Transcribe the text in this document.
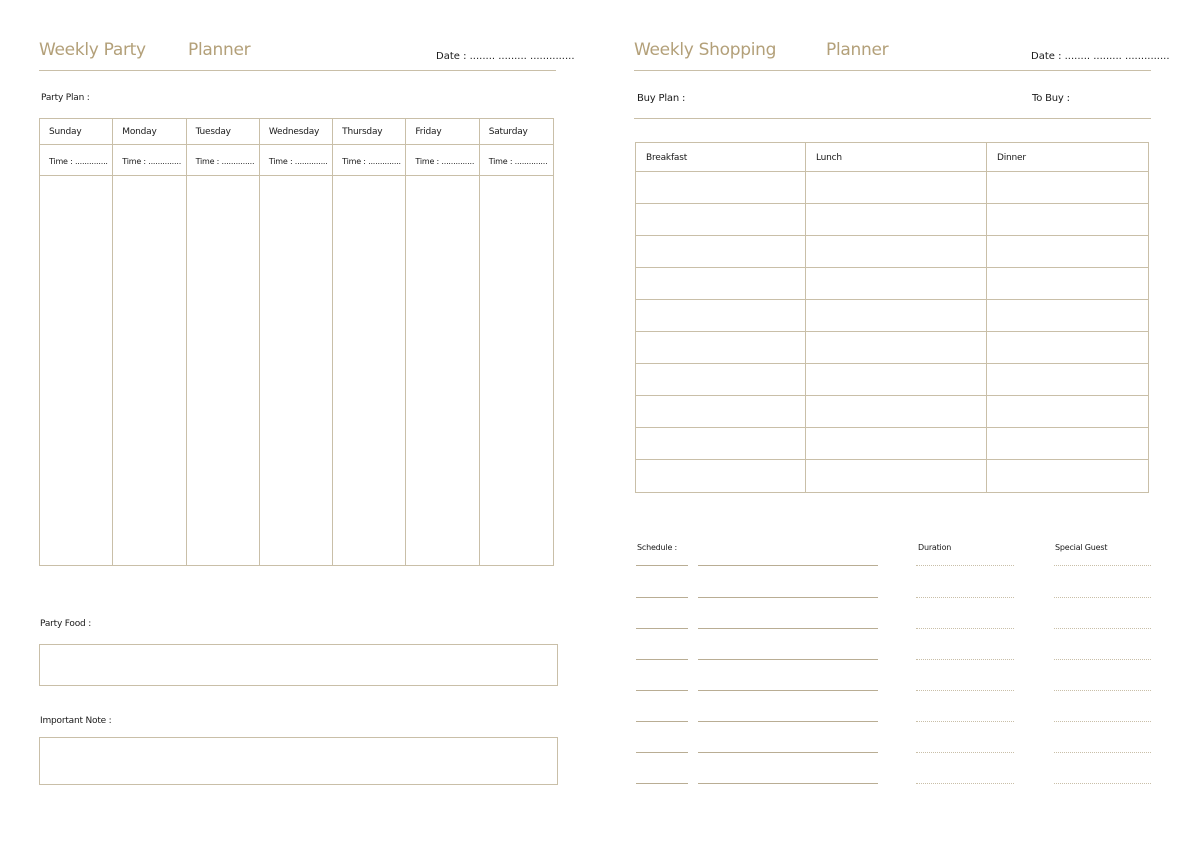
Weekly Party Planner	Date : ........ ......... ..............
Party Plan :
Sunday	Monday	Tuesday	Wednesday	Thursday	Friday	Saturday
Time : .............. Time : .............. Time : .............. Time : .............. Time : .............. Time : .............. Time : ..............
Party Food :
Important Note :
Weekly Shopping	Planner	Date : ........ ......... ..............
Buy Plan :	To Buy :
Breakfast	Lunch	Dinner
Schedule :	Duration	Special Guest
